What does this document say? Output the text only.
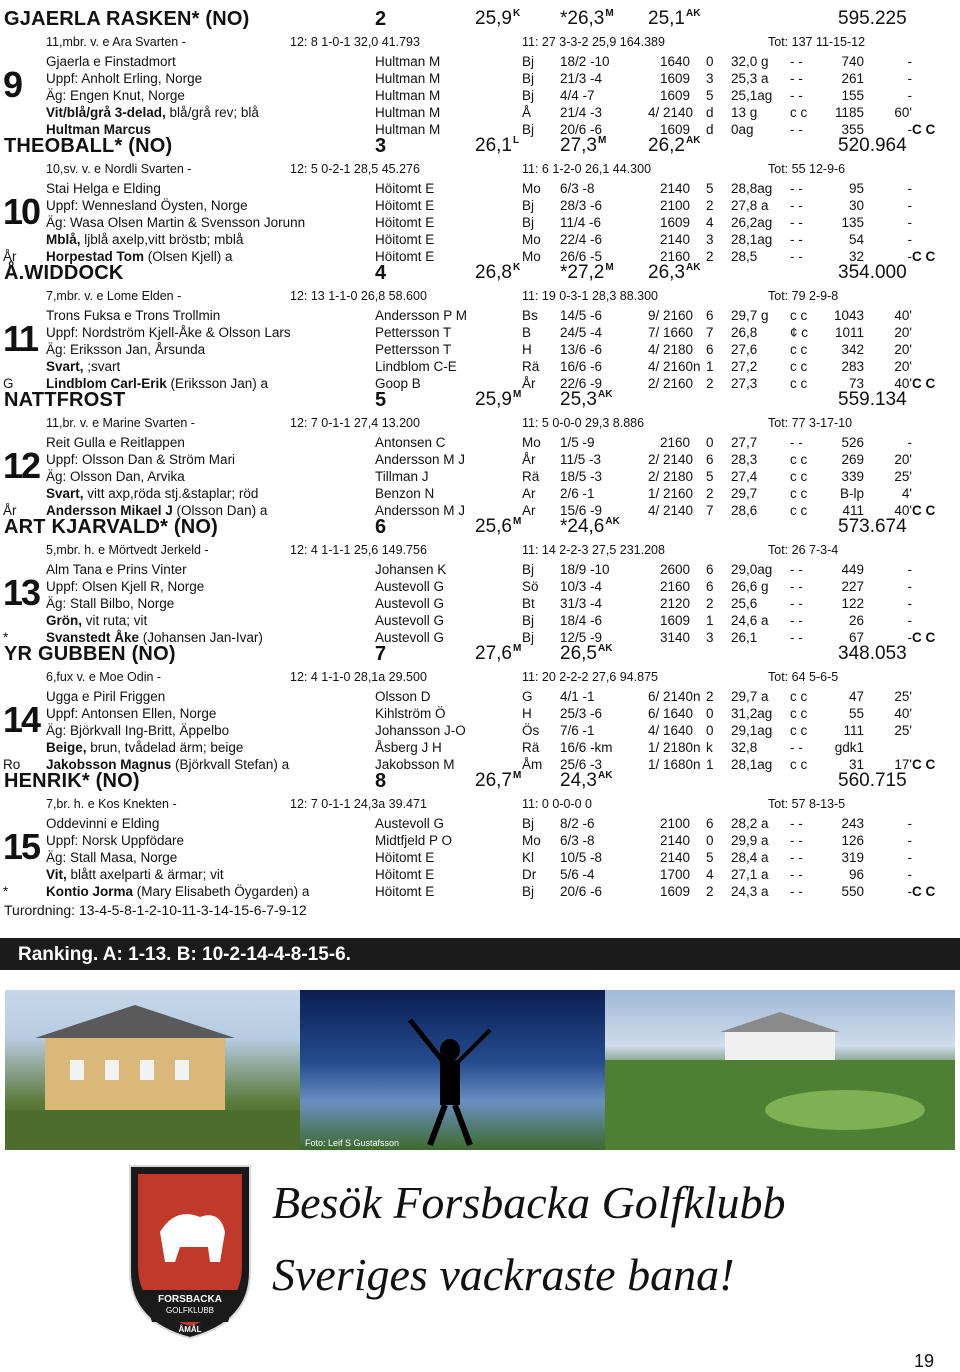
GJAERLA RASKEN* (NO)	2	$25,9^K$ $*26,3^M$ $25,1^{AK}$	595.225
11,mbr. v. e Ara Svarten -	12: 8 1-0-1 32,0 41.793	11: 27 3-3-2 25,9 164.389	Tot: 137 11-15-12
9
Gjaerla e Finstadmort	Hultman M	Bj 18/2 -10	1640 0 32,0 g - -	740	-
Uppf: Anholt Erling, Norge	Hultman M	Bj 21/3 -4	1609 3 25,3 a - -	261	-
Äg: Engen Knut, Norge	Hultman M	Bj 4/4 -7	1609 5 25,1ag - -	155	-
Vit/blå/grå 3-delad, blå/grå rev; blå	Hultman M	Å 21/4 -3	4/ 2140 d 13 g c c	1185	60'
Hultman Marcus	Hultman M	Bj 20/6 -6	1609 d 0ag	- -	355	- C C
THEOBALL* (NO)	3	$26,1^L$ $27,3^M$ $26,2^{AK}$	520.964
10,sv. v. e Nordli Svarten -	12: 5 0-2-1 28,5 45.276	11: 6 1-2-0 26,1 44.300	Tot: 55 12-9-6
10
Stai Helga e Elding	Höitomt E	Mo 6/3 -8	2140 5 28,8ag - -	95	-
Uppf: Wennesland Öysten, Norge	Höitomt E	Bj 28/3 -6	2100 2 27,8 a - -	30	-
Äg: Wasa Olsen Martin & Svensson Jorunn	Höitomt E	Bj 11/4 -6	1609 4 26,2ag - -	135	-
Mblå, ljblå axelp,vitt bröstb; mblå	Höitomt E	Mo 22/4 -6	2140 3 28,1ag - -	54	-
År Horpestad Tom (Olsen Kjell) a	Höitomt E	Mo 26/6 -5	2160 2 28,5 - -	32	- C C
Å.WIDDOCK	4	$26,8^K$ $*27,2^M$ $26,3^{AK}$	354.000
7,mbr. v. e Lome Elden -	12: 13 1-1-0 26,8 58.600	11: 19 0-3-1 28,3 88.300	Tot: 79 2-9-8
11
Trons Fuksa e Trons Trollmin	Andersson P M	Bs 14/5 -6	9/ 2160 6 29,7 g c c	1043	40'
Uppf: Nordström Kjell-Åke & Olsson Lars	Pettersson T	B 24/5 -4	7/ 1660 7 26,8 ¢ c	1011	20'
Äg: Eriksson Jan, Årsunda	Pettersson T	H 13/6 -6	4/ 2180 6 27,6 c c	342	20'
Svart, ;svart	Lindblom C-E	Rä 16/6 -6	4/ 2160n 1 27,2 c c	283	20'
G Lindblom Carl-Erik (Eriksson Jan) a	Goop B	År 22/6 -9	2/ 2160 2 27,3 c c	73	40' C C
NATTFROST	5	$25,9^M$ $25,3^{AK}$	559.134
11,br. v. e Marine Svarten -	12: 7 0-1-1 27,4 13.200	11: 5 0-0-0 29,3 8.886	Tot: 77 3-17-10
12
Reit Gulla e Reitlappen	Antonsen C	Mo 1/5 -9	2160 0 27,7 - -	526	-
Uppf: Olsson Dan & Ström Mari	Andersson M J	År 11/5 -3	2/ 2140 6 28,3 c c	269	20'
Äg: Olsson Dan, Arvika	Tillman J	Rä 18/5 -3	2/ 2180 5 27,4 c c	339	25'
Svart, vitt axp,röda stj.&staplar; röd	Benzon N	Ar 2/6 -1	1/ 2160 2 29,7 c c	B-lp	4'
År Andersson Mikael J (Olsson Dan) a	Andersson M J	Ar 15/6 -9	4/ 2140 7 28,6 c c	411	40' C C
ART KJARVALD* (NO)	6	$25,6^M$ $*24,6^{AK}$	573.674
5,mbr. h. e Mörtvedt Jerkeld -	12: 4 1-1-1 25,6 149.756	11: 14 2-2-3 27,5 231.208	Tot: 26 7-3-4
13
Alm Tana e Prins Vinter	Johansen K	Bj 18/9 -10	2600 6 29,0ag - -	449	-
Uppf: Olsen Kjell R, Norge	Austevoll G	Sö 10/3 -4	2160 6 26,6 g - -	227	-
Äg: Stall Bilbo, Norge	Austevoll G	Bt 31/3 -4	2120 2 25,6 - -	122	-
Grön, vit ruta; vit	Austevoll G	Bj 18/4 -6	1609 1 24,6 a - -	26	-
*	Svanstedt Åke (Johansen Jan-Ivar)	Austevoll G	Bj 12/5 -9	3140 3 26,1 - -	67	- C C
YR GUBBEN (NO)	7	$27,6^M$ $26,5^{AK}$	348.053
6,fux v. e Moe Odin -	12: 4 1-1-0 28,1a 29.500	11: 20 2-2-2 27,6 94.875	Tot: 64 5-6-5
14
Ugga e Piril Friggen	Olsson D	G 4/1 -1	6/ 2140n 2 29,7 a c c	47	25'
Uppf: Antonsen Ellen, Norge	Kihlström Ö	H 25/3 -6	6/ 1640 0 31,2ag c c	55	40'
Äg: Björkvall Ing-Britt, Äppelbo	Johansson J-O	Ös 7/6 -1	4/ 1640 0 29,1ag c c	111	25'
Beige, brun, tvådelad ärm; beige	Åsberg J H	Rä 16/6 -km	1/ 2180n k 32,8 - -	gdk1
Ro Jakobsson Magnus (Björkvall Stefan) a	Jakobsson M	Åm 25/6 -3	1/ 1680n 1 28,1ag c c	31	17' C C
HENRIK* (NO)	8	$26,7^M$ $24,3^{AK}$	560.715
7,br. h. e Kos Knekten -	12: 7 0-1-1 24,3a 39.471	11: 0 0-0-0 0	Tot: 57 8-13-5
15
Oddevinni e Elding	Austevoll G	Bj 8/2 -6	2100 6 28,2 a - -	243	-
Uppf: Norsk Uppfödare	Midtfjeld P O	Mo 6/3 -8	2140 0 29,9 a - -	126	-
Äg: Stall Masa, Norge	Höitomt E	Kl 10/5 -8	2140 5 28,4 a - -	319	-
Vit, blått axelparti & ärmar; vit	Höitomt E	Dr 5/6 -4	1700 4 27,1 a - -	96	-
*	Kontio Jorma (Mary Elisabeth Öygarden) a	Höitomt E	Bj 20/6 -6	1609 2 24,3 a - -	550	- C C
Turordning: 13-4-5-8-1-2-10-11-3-14-15-6-7-9-12
Ranking. A: 1-13. B: 10-2-14-4-8-15-6.
Foto: Leif S Gustafsson
FORSBACKA
GOLFKLUBB
ÅMÅL
Besök Forsbacka Golfklubb
Sveriges vackraste bana!
19
